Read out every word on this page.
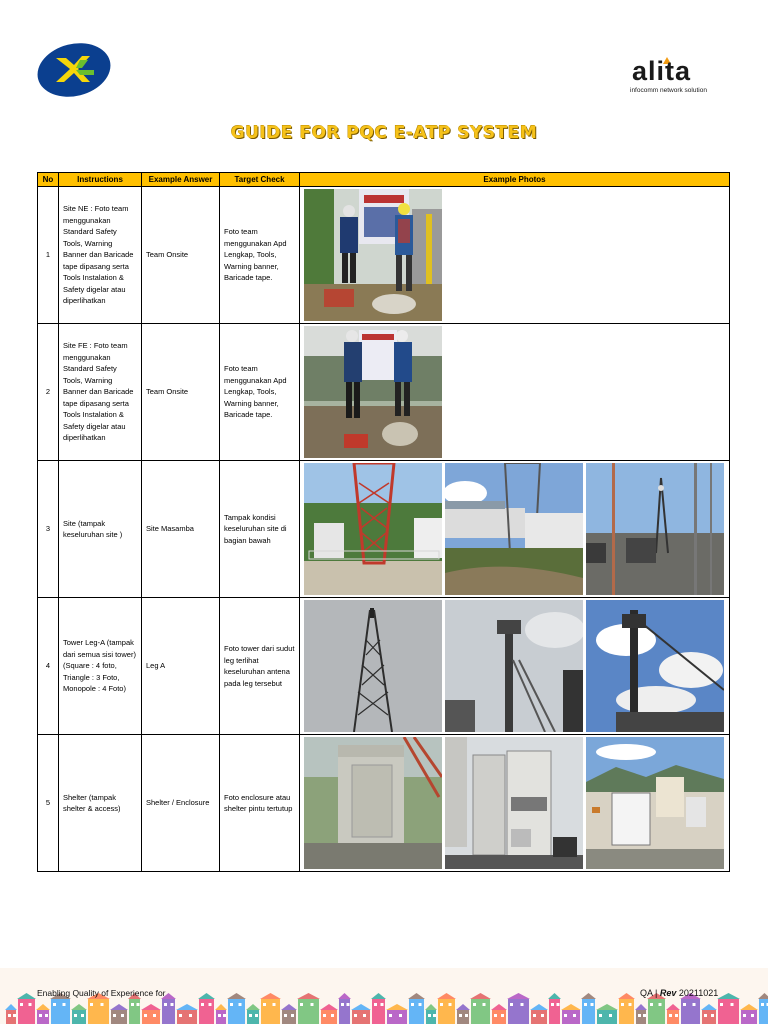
alita
infocomm network solution
GUIDE FOR PQC E-ATP SYSTEM
No	Instructions	Example Answer	Target Check	Example Photos
1	Site NE : Foto team menggunakan Standard Safety Tools, Warning Banner dan Baricade tape dipasang serta Tools Instalation & Safety digelar atau diperlihatkan	Team Onsite	Foto team menggunakan Apd Lengkap, Tools, Warning banner, Baricade tape.	

2	Site FE : Foto team menggunakan Standard Safety Tools, Warning Banner dan Baricade tape dipasang serta Tools Instalation & Safety digelar atau diperlihatkan	Team Onsite	Foto team menggunakan Apd Lengkap, Tools, Warning banner, Baricade tape.	

3	Site (tampak keseluruhan site )	Site Masamba	Tampak kondisi keseluruhan site di bagian bawah	

4	Tower Leg-A (tampak dari semua sisi tower) (Square : 4 foto, Triangle : 3 Foto, Monopole : 4 Foto)	Leg A	Foto tower dari sudut leg terlihat keseluruhan antena pada leg tersebut	

5	Shelter (tampak shelter & access)	Shelter / Enclosure	Foto enclosure atau shelter pintu tertutup	
Enabling Quality of Experience for	QA | Rev 20211021
